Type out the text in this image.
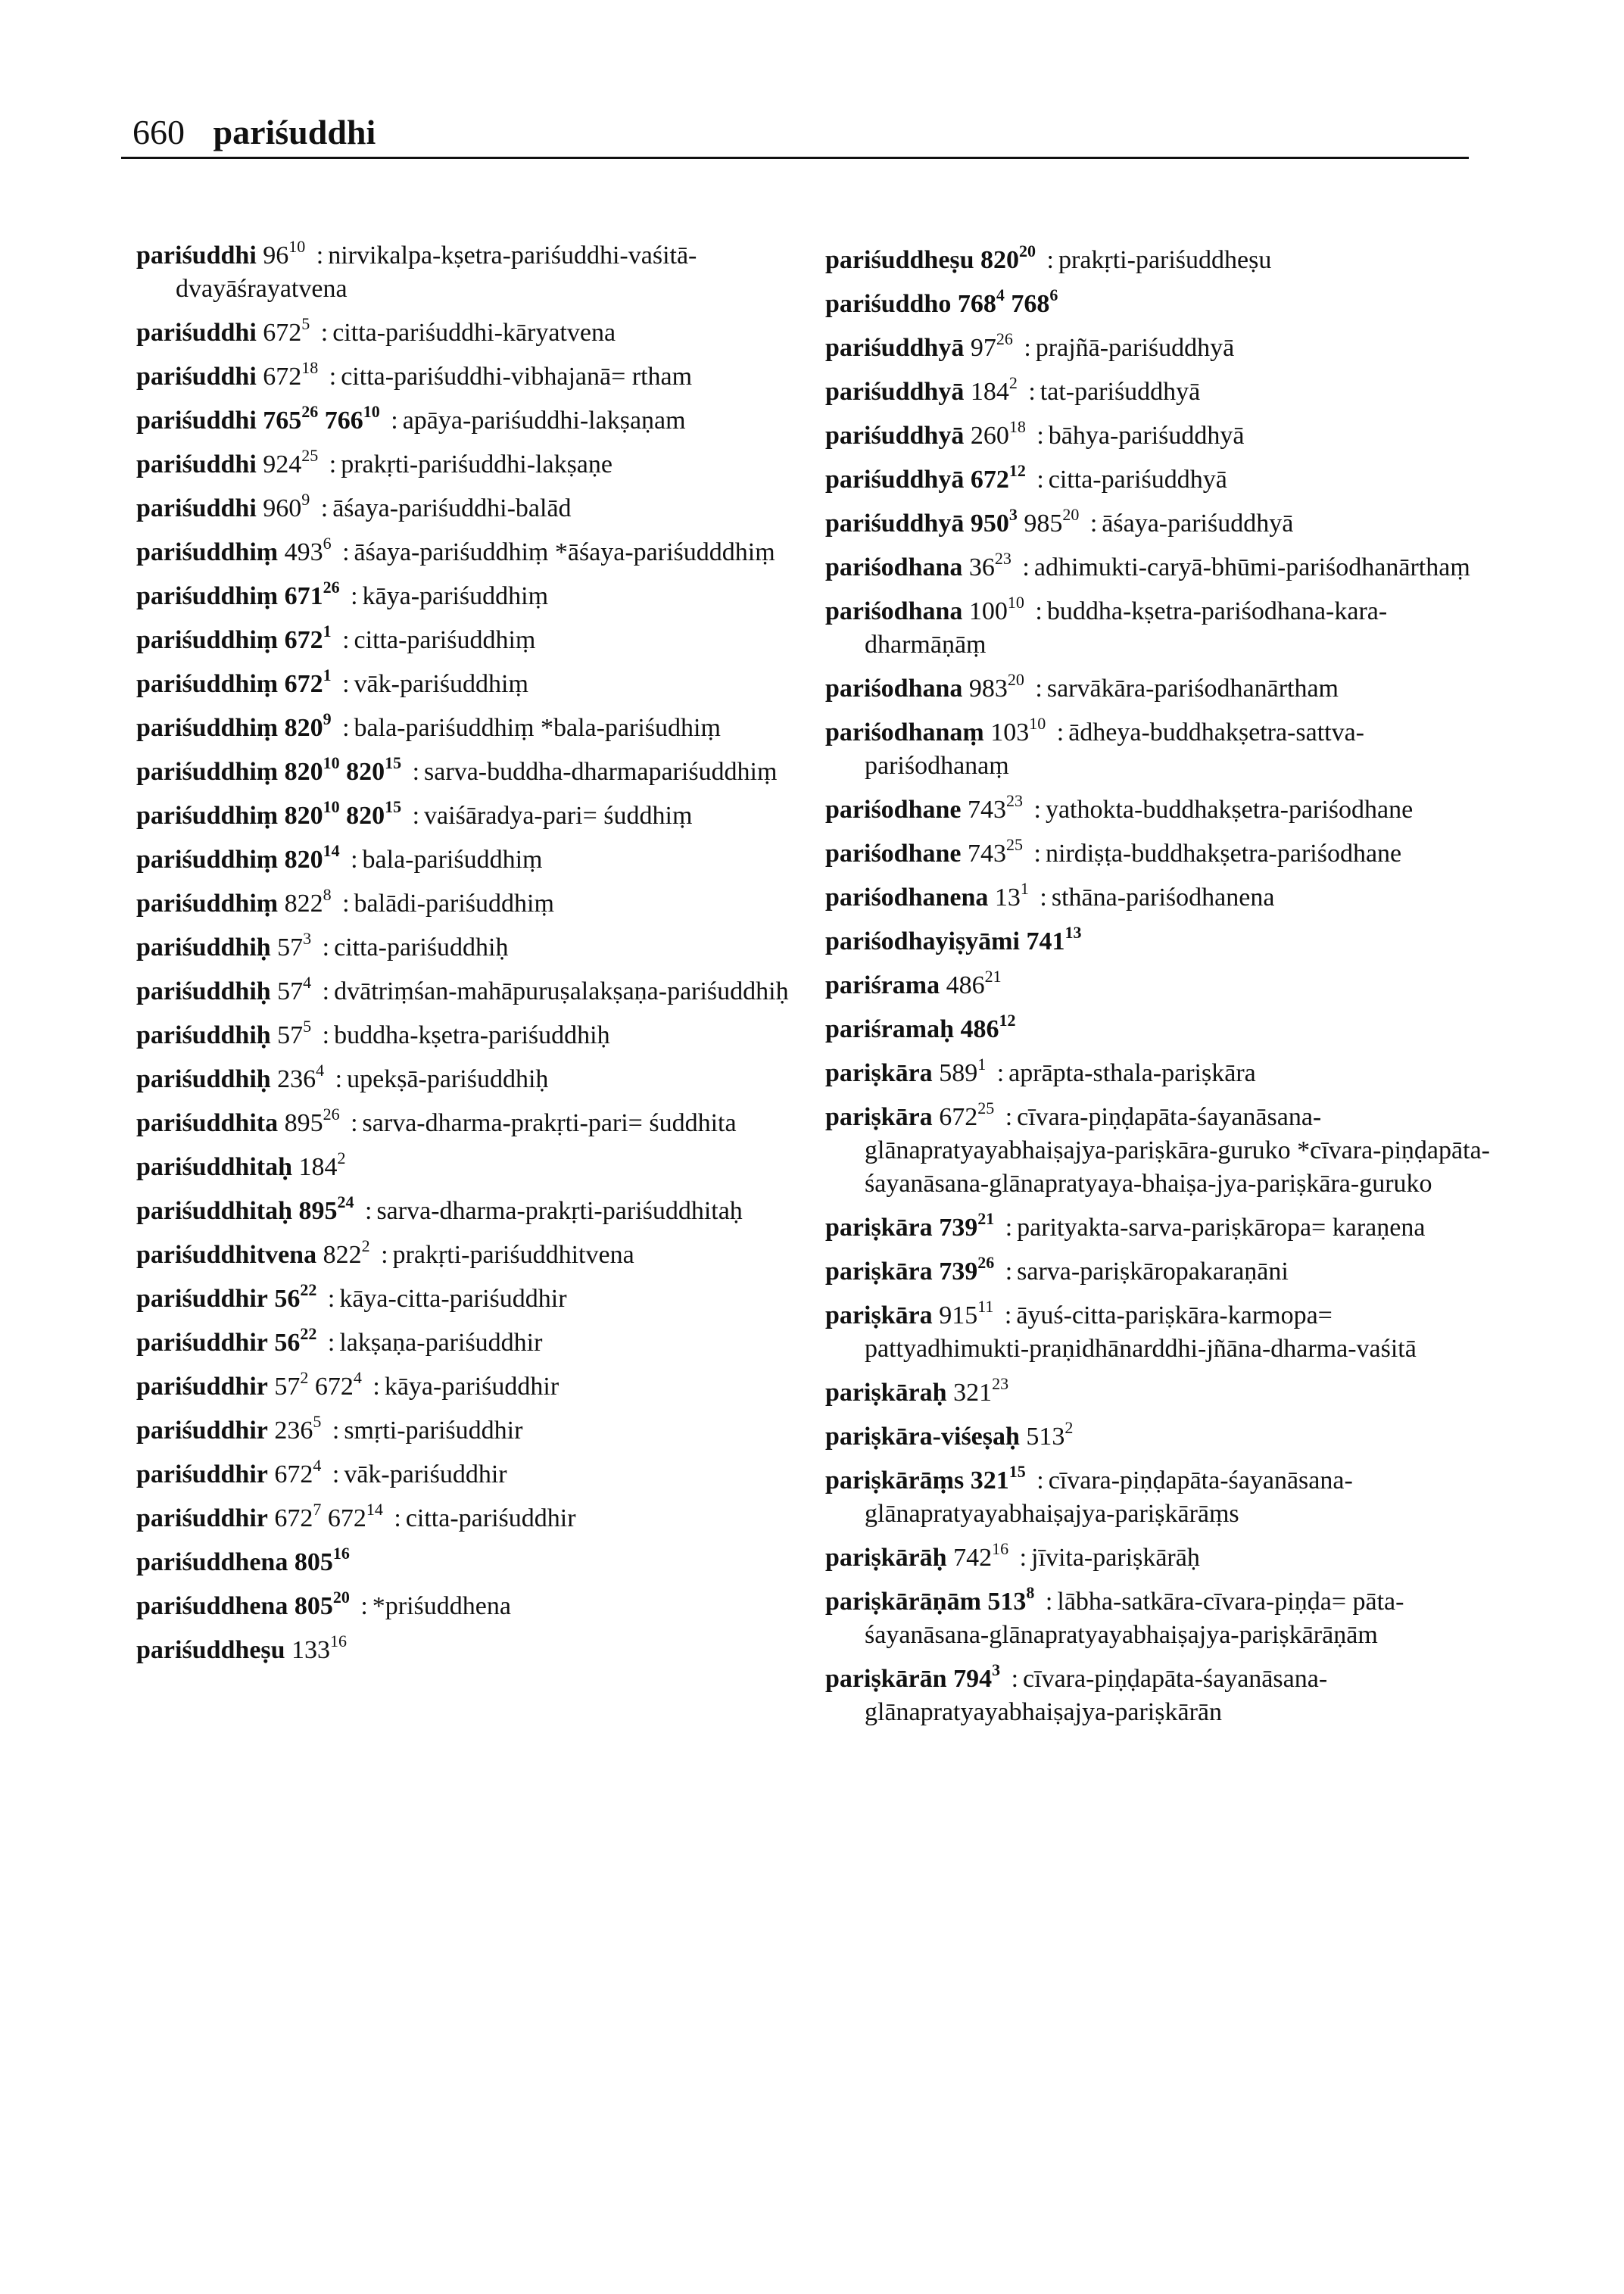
660 pariśuddhi
pariśuddhi $96^{10}$ : nirvikalpa-kṣetra-pariśuddhi-vaśitā-dvayāśrayatvena
pariśuddhi $672^5$ : citta-pariśuddhi-kāryatvena
pariśuddhi $672^{18}$ : citta-pariśuddhi-vibhajanā= rtham
pariśuddhi $765^{26}$ $766^{10}$ : apāya-pariśuddhi-lakṣaṇam
pariśuddhi $924^{25}$ : prakṛti-pariśuddhi-lakṣaṇe
pariśuddhi $960^9$ : āśaya-pariśuddhi-balād
pariśuddhiṃ $493^6$ : āśaya-pariśuddhiṃ *āśaya-pariśudddhiṃ
pariśuddhiṃ $671^{26}$ : kāya-pariśuddhiṃ
pariśuddhiṃ $672^1$ : citta-pariśuddhiṃ
pariśuddhiṃ $672^1$ : vāk-pariśuddhiṃ
pariśuddhiṃ $820^9$ : bala-pariśuddhiṃ *bala-pariśudhiṃ
pariśuddhiṃ $820^{10}$ $820^{15}$ : sarva-buddha-dharmapariśuddhiṃ
pariśuddhiṃ $820^{10}$ $820^{15}$ : vaiśāradya-pari= śuddhiṃ
pariśuddhiṃ $820^{14}$ : bala-pariśuddhiṃ
pariśuddhiṃ $822^8$ : balādi-pariśuddhiṃ
pariśuddhiḥ $57^3$ : citta-pariśuddhiḥ
pariśuddhiḥ $57^4$ : dvātriṃśan-mahāpuruṣalakṣaṇa-pariśuddhiḥ
pariśuddhiḥ $57^5$ : buddha-kṣetra-pariśuddhiḥ
pariśuddhiḥ $236^4$ : upekṣā-pariśuddhiḥ
pariśuddhita $895^{26}$ : sarva-dharma-prakṛti-pari= śuddhita
pariśuddhitaḥ $184^2$
pariśuddhitaḥ $895^{24}$ : sarva-dharma-prakṛti-pariśuddhitaḥ
pariśuddhitvena $822^2$ : prakṛti-pariśuddhitvena
pariśuddhir $56^{22}$ : kāya-citta-pariśuddhir
pariśuddhir $56^{22}$ : lakṣaṇa-pariśuddhir
pariśuddhir $57^2$ $672^4$ : kāya-pariśuddhir
pariśuddhir $236^5$ : smṛti-pariśuddhir
pariśuddhir $672^4$ : vāk-pariśuddhir
pariśuddhir $672^7$ $672^{14}$ : citta-pariśuddhir
pariśuddhena $805^{16}$
pariśuddhena $805^{20}$ : *priśuddhena
pariśuddheṣu $133^{16}$
pariśuddheṣu $820^{20}$ : prakṛti-pariśuddheṣu
pariśuddho $768^4$ $768^6$
pariśuddhyā $97^{26}$ : prajñā-pariśuddhyā
pariśuddhyā $184^2$ : tat-pariśuddhyā
pariśuddhyā $260^{18}$ : bāhya-pariśuddhyā
pariśuddhyā $672^{12}$ : citta-pariśuddhyā
pariśuddhyā $950^3$ $985^{20}$ : āśaya-pariśuddhyā
pariśodhana $36^{23}$ : adhimukti-caryā-bhūmi-pariśodhanārthaṃ
pariśodhana $100^{10}$ : buddha-kṣetra-pariśodhana-kara-dharmāṇāṃ
pariśodhana $983^{20}$ : sarvākāra-pariśodhanārtham
pariśodhanaṃ $103^{10}$ : ādheya-buddhakṣetra-sattva-pariśodhanaṃ
pariśodhane $743^{23}$ : yathokta-buddhakṣetra-pariśodhane
pariśodhane $743^{25}$ : nirdiṣṭa-buddhakṣetra-pariśodhane
pariśodhanena $13^1$ : sthāna-pariśodhanena
pariśodhayiṣyāmi $741^{13}$
pariśrama $486^{21}$
pariśramaḥ $486^{12}$
pariṣkāra $589^1$ : aprāpta-sthala-pariṣkāra
pariṣkāra $672^{25}$ : cīvara-piṇḍapāta-śayanāsana-glānapratyayabhaiṣajya-pariṣkāra-guruko *cīvara-piṇḍapāta-śayanāsana-glānapratyaya-bhaiṣa-jya-pariṣkāra-guruko
pariṣkāra $739^{21}$ : parityakta-sarva-pariṣkāropa= karaṇena
pariṣkāra $739^{26}$ : sarva-pariṣkāropakaraṇāni
pariṣkāra $915^{11}$ : āyuś-citta-pariṣkāra-karmopa= pattyadhimukti-praṇidhānarddhi-jñāna-dharma-vaśitā
pariṣkāraḥ $321^{23}$
pariṣkāra-viśeṣaḥ $513^2$
pariṣkārāṃs $321^{15}$ : cīvara-piṇḍapāta-śayanāsana-glānapratyayabhaiṣajya-pariṣkārāṃs
pariṣkārāḥ $742^{16}$ : jīvita-pariṣkārāḥ
pariṣkārāṇām $513^8$ : lābha-satkāra-cīvara-piṇḍa= pāta-śayanāsana-glānapratyayabhaiṣajya-pariṣkārāṇām
pariṣkārān $794^3$ : cīvara-piṇḍapāta-śayanāsana-glānapratyayabhaiṣajya-pariṣkārān
